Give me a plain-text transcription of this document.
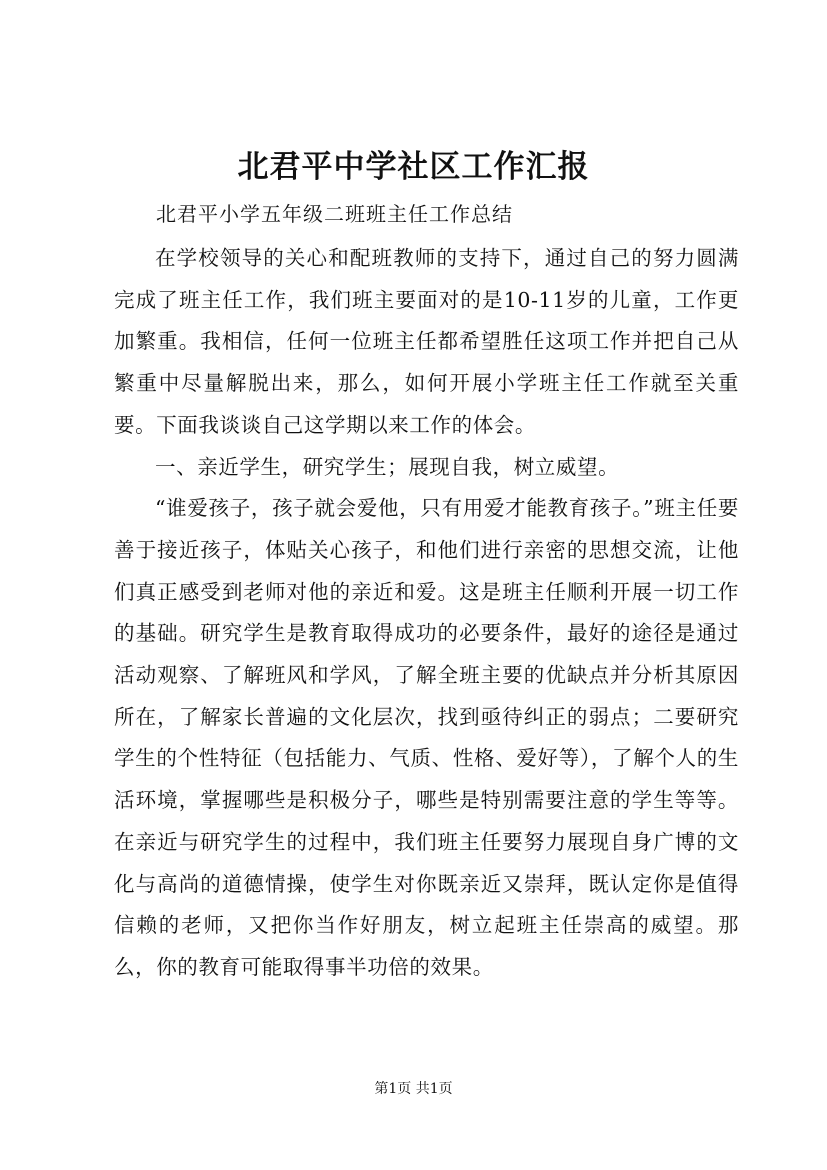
北君平中学社区工作汇报
北君平小学五年级二班班主任工作总结

在学校领导的关心和配班教师的支持下，通过自己的努力圆满完成了班主任工作，我们班主要面对的是10-11岁的儿童，工作更加繁重。我相信，任何一位班主任都希望胜任这项工作并把自己从繁重中尽量解脱出来，那么，如何开展小学班主任工作就至关重要。下面我谈谈自己这学期以来工作的体会。

一、亲近学生，研究学生；展现自我，树立威望。

“谁爱孩子，孩子就会爱他，只有用爱才能教育孩子。”班主任要善于接近孩子，体贴关心孩子，和他们进行亲密的思想交流，让他们真正感受到老师对他的亲近和爱。这是班主任顺利开展一切工作的基础。研究学生是教育取得成功的必要条件，最好的途径是通过活动观察、了解班风和学风，了解全班主要的优缺点并分析其原因所在，了解家长普遍的文化层次，找到亟待纠正的弱点；二要研究学生的个性特征（包括能力、气质、性格、爱好等），了解个人的生活环境，掌握哪些是积极分子，哪些是特别需要注意的学生等等。在亲近与研究学生的过程中，我们班主任要努力展现自身广博的文化与高尚的道德情操，使学生对你既亲近又崇拜，既认定你是值得信赖的老师，又把你当作好朋友，树立起班主任崇高的威望。那么，你的教育可能取得事半功倍的效果。

第1页 共1页
